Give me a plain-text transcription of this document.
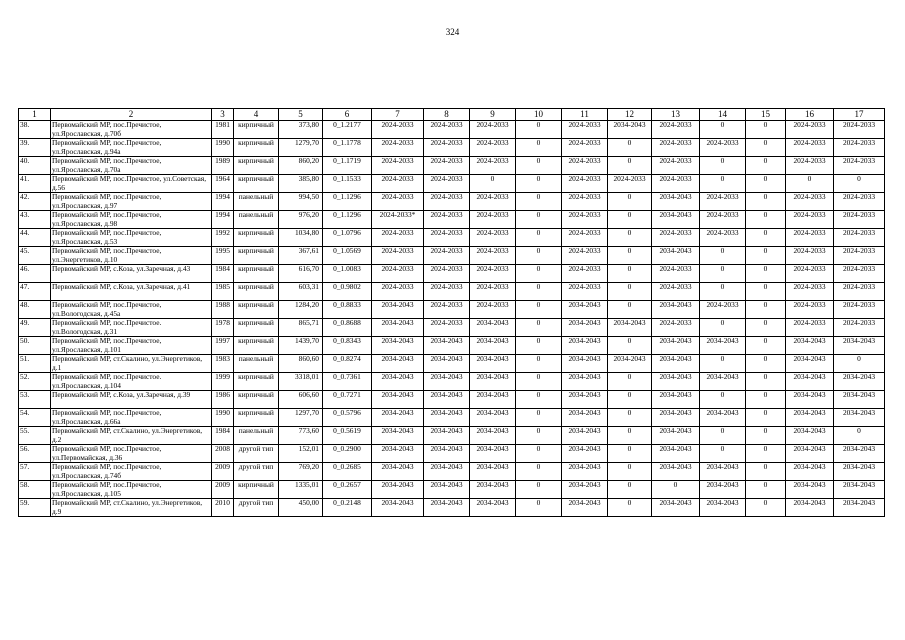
324
1	2	3	4	5	6	7	8	9	10	11	12	13	14	15	16	17
38.	Первомайский МР, пос.Пречистое, ул.Ярославская, д.70б	1981	кирпичный	373,80	0_1.2177	2024-2033	2024-2033	2024-2033	0	2024-2033	2034-2043	2024-2033	0	0	2024-2033	2024-2033
39.	Первомайский МР, пос.Пречистое, ул.Ярославская, д.94а	1990	кирпичный	1279,70	0_1.1778	2024-2033	2024-2033	2024-2033	0	2024-2033	0	2024-2033	2024-2033	0	2024-2033	2024-2033
40.	Первомайский МР, пос.Пречистое, ул.Ярославская, д.70а	1989	кирпичный	860,20	0_1.1719	2024-2033	2024-2033	2024-2033	0	2024-2033	0	2024-2033	0	0	2024-2033	2024-2033
41.	Первомайский МР, пос.Пречистое, ул.Советская, д.56	1964	кирпичный	385,80	0_1.1533	2024-2033	2024-2033	0	0	2024-2033	2024-2033	2024-2033	0	0	0	0
42.	Первомайский МР, пос.Пречистое, ул.Ярославская, д.97	1994	панельный	994,50	0_1.1296	2024-2033	2024-2033	2024-2033	0	2024-2033	0	2034-2043	2024-2033	0	2024-2033	2024-2033
43.	Первомайский МР, пос.Пречистое, ул.Ярославская, д.98	1994	панельный	976,20	0_1.1296	2024-2033*	2024-2033	2024-2033	0	2024-2033	0	2034-2043	2024-2033	0	2024-2033	2024-2033
44.	Первомайский МР, пос.Пречистое, ул.Ярославская, д.53	1992	кирпичный	1034,80	0_1.0796	2024-2033	2024-2033	2024-2033	0	2024-2033	0	2024-2033	2024-2033	0	2024-2033	2024-2033
45.	Первомайский МР, пос.Пречистое, ул.Энергетиков, д.10	1995	кирпичный	367,61	0_1.0569	2024-2033	2024-2033	2024-2033	0	2024-2033	0	2034-2043	0	0	2024-2033	2024-2033
46.	Первомайский МР, с.Коза, ул.Заречная, д.43	1984	кирпичный	616,70	0_1.0083	2024-2033	2024-2033	2024-2033	0	2024-2033	0	2024-2033	0	0	2024-2033	2024-2033
47.	Первомайский МР, с.Коза, ул.Заречная, д.41	1985	кирпичный	603,31	0_0.9802	2024-2033	2024-2033	2024-2033	0	2024-2033	0	2024-2033	0	0	2024-2033	2024-2033
48.	Первомайский МР, пос.Пречистое, ул.Вологодская, д.45а	1988	кирпичный	1284,20	0_0.8833	2034-2043	2024-2033	2024-2033	0	2034-2043	0	2034-2043	2024-2033	0	2024-2033	2024-2033
49.	Первомайский МР, пос.Пречистое. ул.Вологодская, д.31	1978	кирпичный	865,71	0_0.8688	2034-2043	2024-2033	2034-2043	0	2034-2043	2034-2043	2024-2033	0	0	2024-2033	2024-2033
50.	Первомайский МР, пос.Пречистое, ул.Ярославская, д.101	1997	кирпичный	1439,70	0_0.8343	2034-2043	2034-2043	2034-2043	0	2034-2043	0	2034-2043	2034-2043	0	2034-2043	2034-2043
51.	Первомайский МР, ст.Скалино, ул.Энергетиков, д.1	1983	панельный	860,60	0_0.8274	2034-2043	2034-2043	2034-2043	0	2034-2043	2034-2043	2034-2043	0	0	2034-2043	0
52.	Первомайский МР, пос.Пречистое. ул.Ярославская, д.104	1999	кирпичный	3318,01	0_0.7361	2034-2043	2034-2043	2034-2043	0	2034-2043	0	2034-2043	2034-2043	0	2034-2043	2034-2043
53.	Первомайский МР, с.Коза, ул.Заречная, д.39	1986	кирпичный	606,60	0_0.7271	2034-2043	2034-2043	2034-2043	0	2034-2043	0	2034-2043	0	0	2034-2043	2034-2043
54.	Первомайский МР, пос.Пречистое, ул.Ярославская, д.66а	1990	кирпичный	1297,70	0_0.5796	2034-2043	2034-2043	2034-2043	0	2034-2043	0	2034-2043	2034-2043	0	2034-2043	2034-2043
55.	Первомайский МР, ст.Скалино, ул.Энергетиков, д.2	1984	панельный	773,60	0_0.5619	2034-2043	2034-2043	2034-2043	0	2034-2043	0	2034-2043	0	0	2034-2043	0
56.	Первомайский МР, пос.Пречистое, ул.Первомайская, д.36	2008	другой тип	152,01	0_0.2900	2034-2043	2034-2043	2034-2043	0	2034-2043	0	2034-2043	0	0	2034-2043	2034-2043
57.	Первомайский МР, пос.Пречистое, ул.Ярославская, д.74б	2009	другой тип	769,20	0_0.2685	2034-2043	2034-2043	2034-2043	0	2034-2043	0	2034-2043	2034-2043	0	2034-2043	2034-2043
58.	Первомайский МР, пос.Пречистое, ул.Ярославская, д.105	2009	кирпичный	1335,01	0_0.2657	2034-2043	2034-2043	2034-2043	0	2034-2043	0	0	2034-2043	0	2034-2043	2034-2043
59.	Первомайский МР, ст.Скалино, ул.Энергетиков, д.9	2010	другой тип	450,00	0_0.2148	2034-2043	2034-2043	2034-2043	0	2034-2043	0	2034-2043	2034-2043	0	2034-2043	2034-2043
